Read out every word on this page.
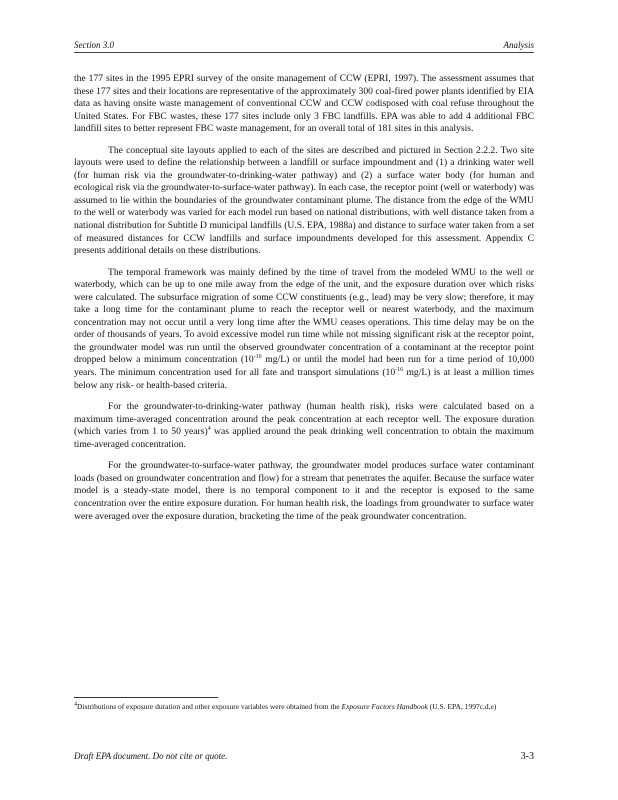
Section 3.0	Analysis

the 177 sites in the 1995 EPRI survey of the onsite management of CCW (EPRI, 1997). The assessment assumes that these 177 sites and their locations are representative of the approximately 300 coal-fired power plants identified by EIA data as having onsite waste management of conventional CCW and CCW codisposed with coal refuse throughout the United States. For FBC wastes, these 177 sites include only 3 FBC landfills. EPA was able to add 4 additional FBC landfill sites to better represent FBC waste management, for an overall total of 181 sites in this analysis.

The conceptual site layouts applied to each of the sites are described and pictured in Section 2.2.2. Two site layouts were used to define the relationship between a landfill or surface impoundment and (1) a drinking water well (for human risk via the groundwater-to-drinking-water pathway) and (2) a surface water body (for human and ecological risk via the groundwater-to-surface-water pathway). In each case, the receptor point (well or waterbody) was assumed to lie within the boundaries of the groundwater contaminant plume. The distance from the edge of the WMU to the well or waterbody was varied for each model run based on national distributions, with well distance taken from a national distribution for Subtitle D municipal landfills (U.S. EPA, 1988a) and distance to surface water taken from a set of measured distances for CCW landfills and surface impoundments developed for this assessment. Appendix C presents additional details on these distributions.

The temporal framework was mainly defined by the time of travel from the modeled WMU to the well or waterbody, which can be up to one mile away from the edge of the unit, and the exposure duration over which risks were calculated. The subsurface migration of some CCW constituents (e.g., lead) may be very slow; therefore, it may take a long time for the contaminant plume to reach the receptor well or nearest waterbody, and the maximum concentration may not occur until a very long time after the WMU ceases operations. This time delay may be on the order of thousands of years. To avoid excessive model run time while not missing significant risk at the receptor point, the groundwater model was run until the observed groundwater concentration of a contaminant at the receptor point dropped below a minimum concentration ($10^{-16}$ mg/L) or until the model had been run for a time period of 10,000 years. The minimum concentration used for all fate and transport simulations ($10^{-16}$ mg/L) is at least a million times below any risk- or health-based criteria.

For the groundwater-to-drinking-water pathway (human health risk), risks were calculated based on a maximum time-averaged concentration around the peak concentration at each receptor well. The exposure duration (which varies from 1 to 50 years)$^4$ was applied around the peak drinking well concentration to obtain the maximum time-averaged concentration.

For the groundwater-to-surface-water pathway, the groundwater model produces surface water contaminant loads (based on groundwater concentration and flow) for a stream that penetrates the aquifer. Because the surface water model is a steady-state model, there is no temporal component to it and the receptor is exposed to the same concentration over the entire exposure duration. For human health risk, the loadings from groundwater to surface water were averaged over the exposure duration, bracketing the time of the peak groundwater concentration.

$^4$Distributions of exposure duration and other exposure variables were obtained from the Exposure Factors Handbook (U.S. EPA, 1997c,d,e)
Draft EPA document. Do not cite or quote.	3-3
